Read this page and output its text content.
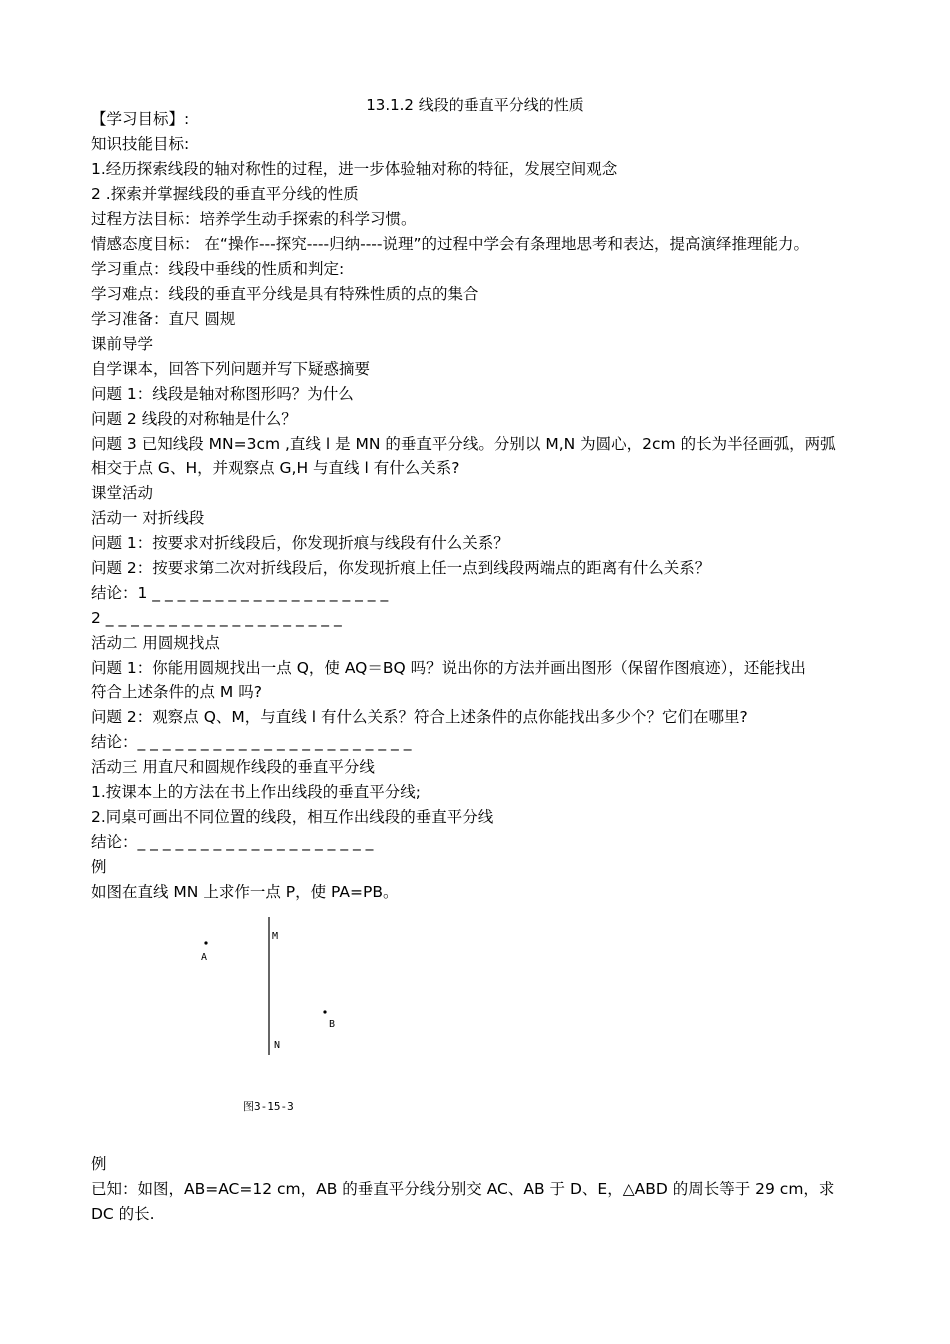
13.1.2 线段的垂直平分线的性质
【学习目标】:
知识技能目标:
1.经历探索线段的轴对称性的过程，进一步体验轴对称的特征，发展空间观念
2 .探索并掌握线段的垂直平分线的性质
过程方法目标：培养学生动手探索的科学习惯。
情感态度目标： 在“操作---探究----归纳----说理”的过程中学会有条理地思考和表达，提高演绎推理能力。
学习重点：线段中垂线的性质和判定:
学习难点：线段的垂直平分线是具有特殊性质的点的集合
学习准备：直尺 圆规
课前导学
自学课本，回答下列问题并写下疑惑摘要
问题 1：线段是轴对称图形吗？为什么
问题 2 线段的对称轴是什么？
问题 3 已知线段 MN=3cm ,直线 l 是 MN 的垂直平分线。分别以 M,N 为圆心，2cm 的长为半径画弧，两弧
相交于点 G、H，并观察点 G,H 与直线 l 有什么关系?
课堂活动
活动一 对折线段
问题 1：按要求对折线段后，你发现折痕与线段有什么关系？
问题 2：按要求第二次对折线段后，你发现折痕上任一点到线段两端点的距离有什么关系？
结论：1 _ _ _ _ _ _ _ _ _ _ _ _ _ _ _ _ _ _ _
2 _ _ _ _ _ _ _ _ _ _ _ _ _ _ _ _ _ _ _
活动二 用圆规找点
问题 1：你能用圆规找出一点 Q，使 AQ＝BQ 吗？说出你的方法并画出图形（保留作图痕迹），还能找出
符合上述条件的点 M 吗?
问题 2：观察点 Q、M，与直线 l 有什么关系？符合上述条件的点你能找出多少个？它们在哪里?
结论：_ _ _ _ _ _ _ _ _ _ _ _ _ _ _ _ _ _ _ _ _ _
活动三 用直尺和圆规作线段的垂直平分线
1.按课本上的方法在书上作出线段的垂直平分线;
2.同桌可画出不同位置的线段，相互作出线段的垂直平分线
结论：_ _ _ _ _ _ _ _ _ _ _ _ _ _ _ _ _ _ _
例
如图在直线 MN 上求作一点 P，使 PA=PB。
例
已知：如图，AB=AC=12 cm，AB 的垂直平分线分别交 AC、AB 于 D、E，△ABD 的周长等于 29 cm，求
DC 的长.
A
B
M
N
图3-15-3
